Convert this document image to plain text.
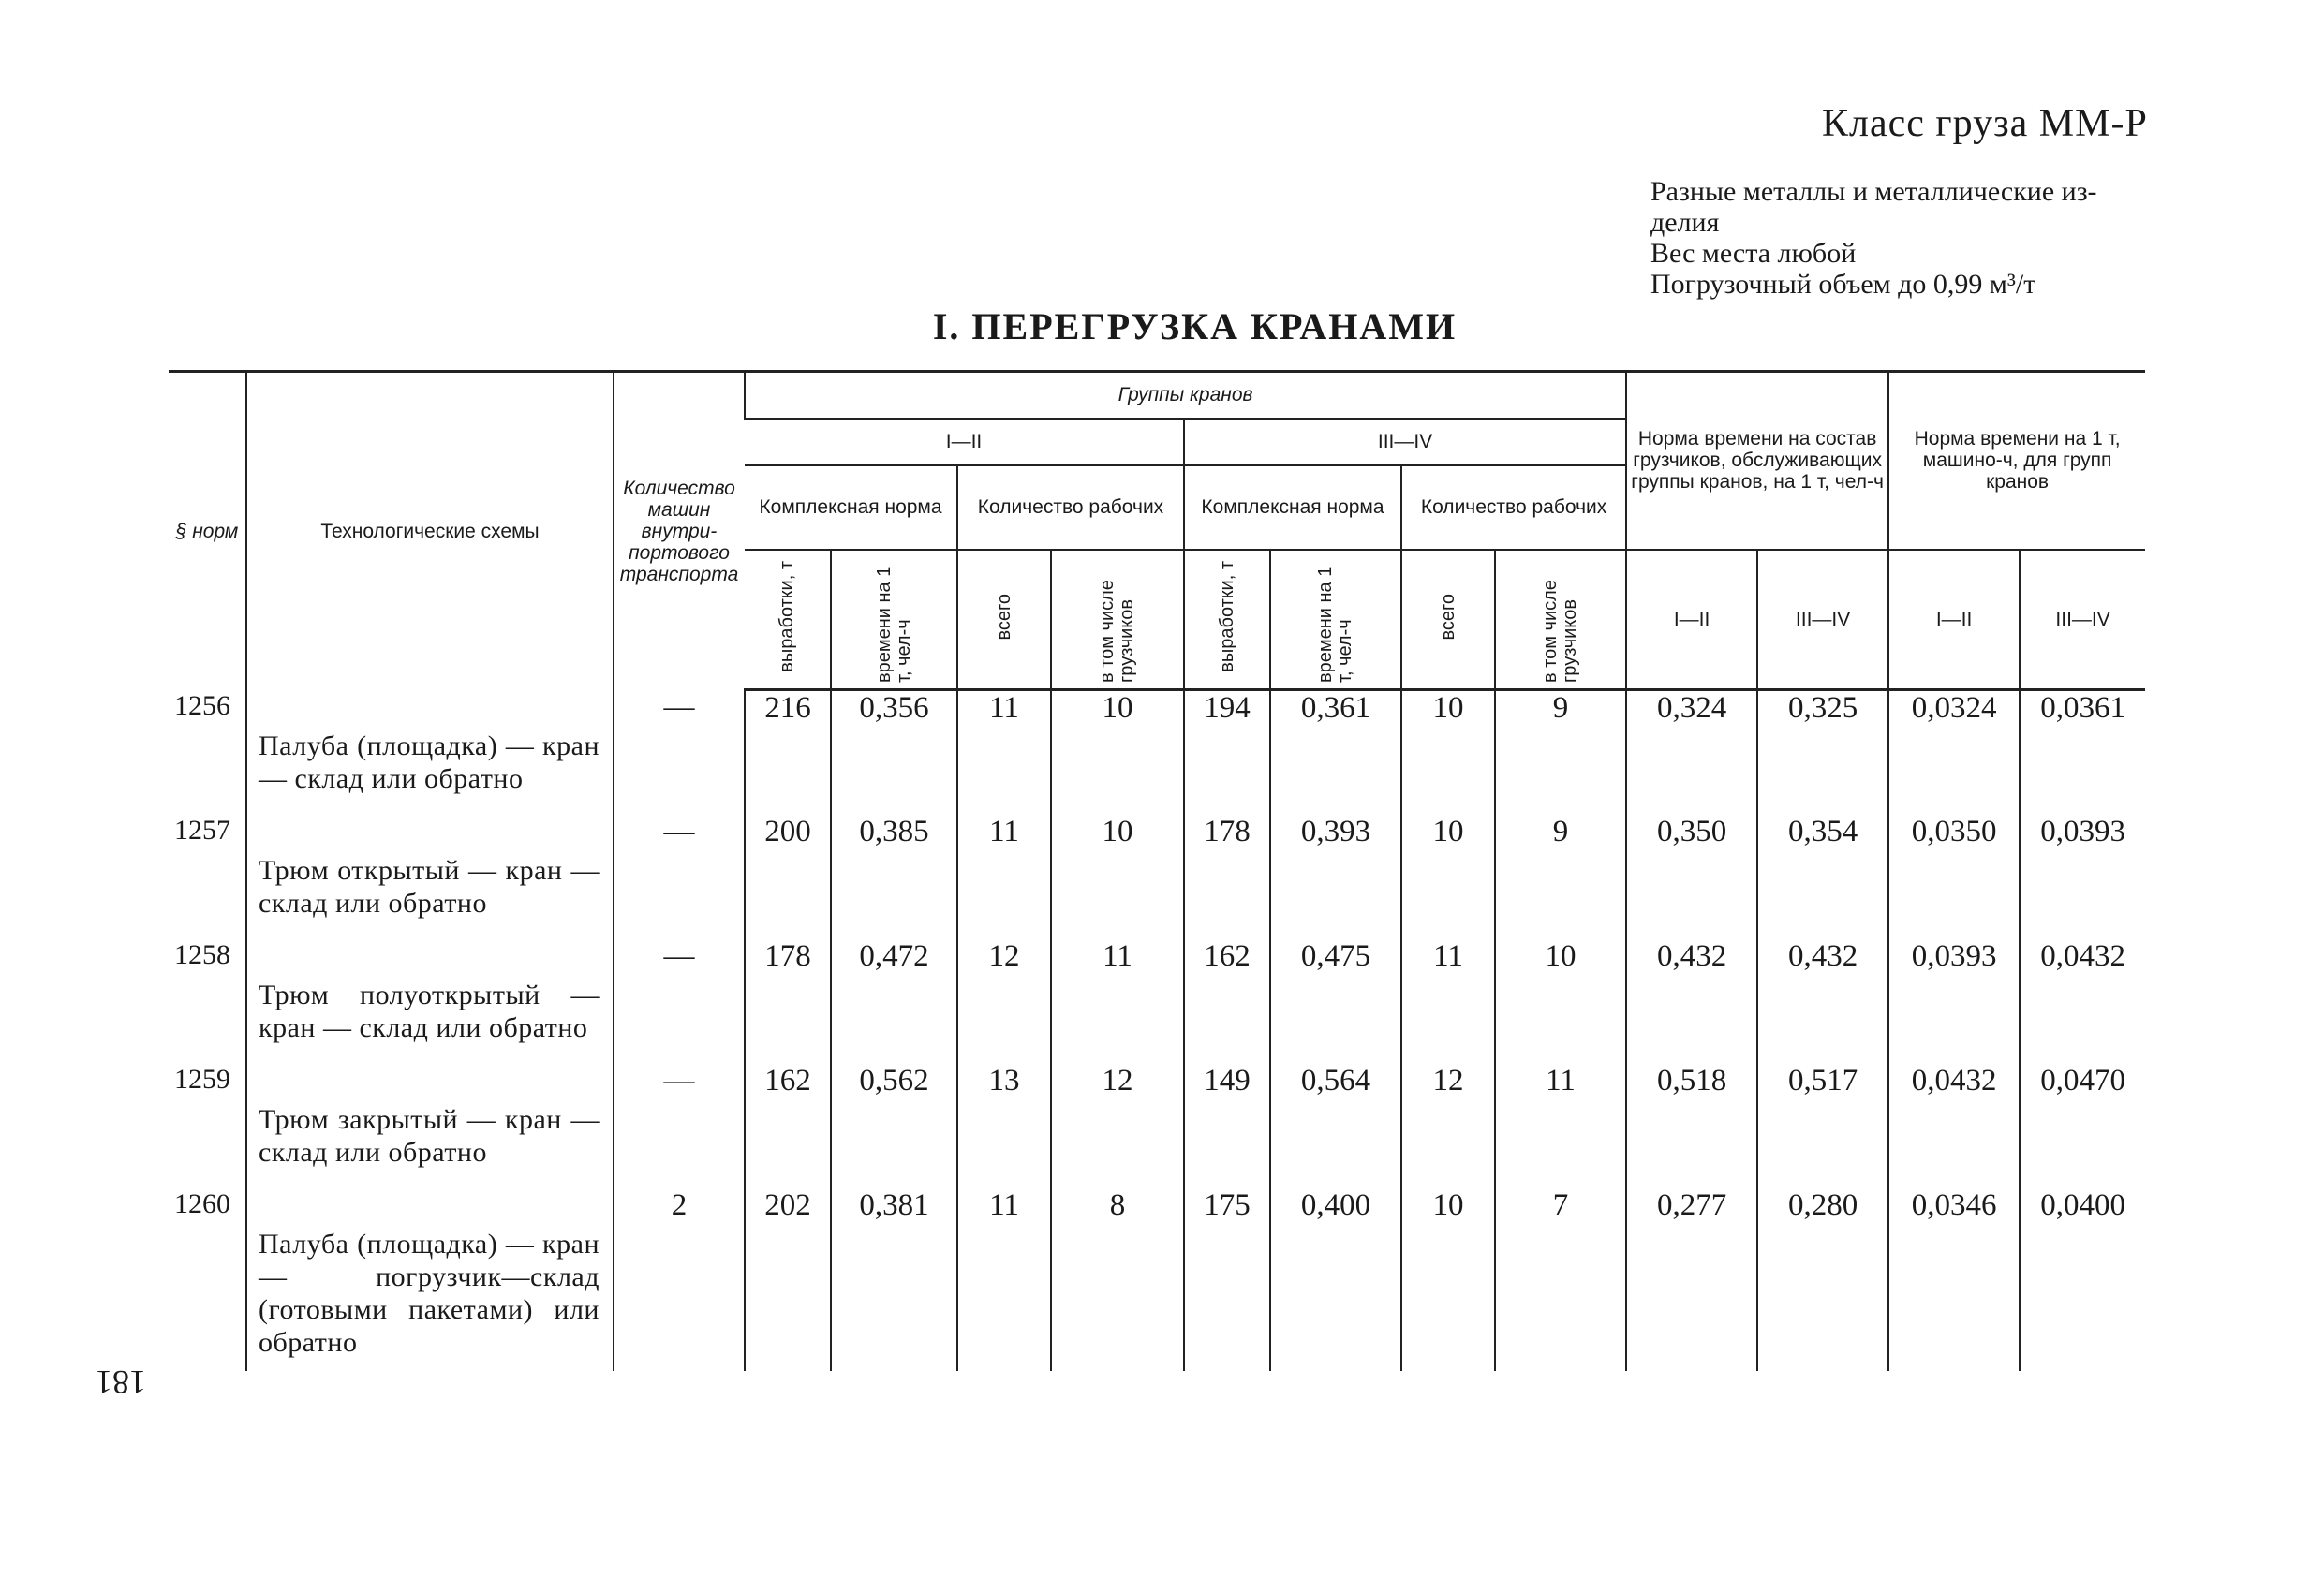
Класс груза ММ-Р
Разные металлы и металлические из-
делия
Вес места любой
Погрузочный объем до 0,99 м³/т
I. ПЕРЕГРУЗКА КРАНАМИ
181
§ норм	Технологические схемы	Количество машин внутри-портового транспорта	Группы кранов								Норма времени на состав грузчиков, обслуживающих группы кранов, на 1 т, чел-ч		Норма времени на 1 т, машино-ч, для групп кранов	
			I—II				III—IV							
			Комплексная норма		Количество рабочих		Комплексная норма		Количество рабочих					
			выработки, т	времени на 1 т, чел-ч	всего	в том числе грузчиков	выработки, т	времени на 1 т, чел-ч	всего	в том числе грузчиков	I—II	III—IV	I—II	III—IV
1256	Палуба (площадка) — кран — склад или обратно	—	216	0,356	11	10	194	0,361	10	9	0,324	0,325	0,0324	0,0361
1257	Трюм открытый — кран — склад или обратно	—	200	0,385	11	10	178	0,393	10	9	0,350	0,354	0,0350	0,0393
1258	Трюм полуоткрытый — кран — склад или обратно	—	178	0,472	12	11	162	0,475	11	10	0,432	0,432	0,0393	0,0432
1259	Трюм закрытый — кран — склад или обратно	—	162	0,562	13	12	149	0,564	12	11	0,518	0,517	0,0432	0,0470
1260	Палуба (площадка) — кран — погрузчик—склад (готовыми пакетами) или обратно	2	202	0,381	11	8	175	0,400	10	7	0,277	0,280	0,0346	0,0400
